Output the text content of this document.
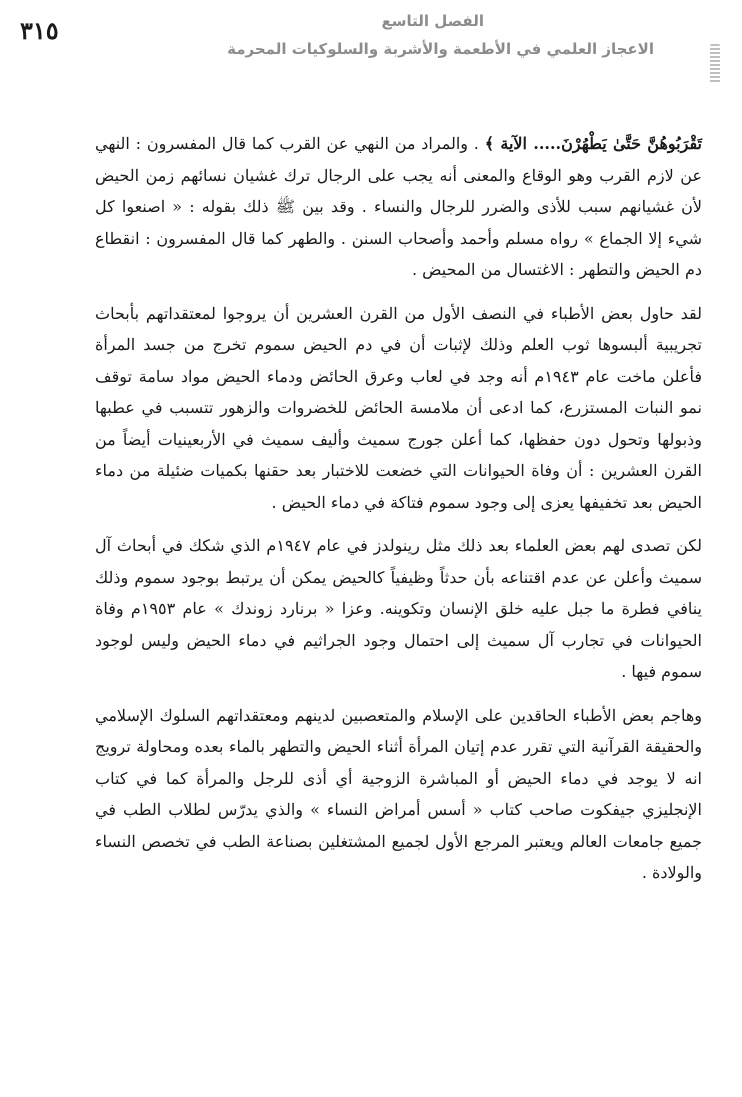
٣١٥	الفصل التاسع
الاعجاز العلمي في الأطعمة والأشربة والسلوكيات المحرمة

تَقْرَبُوهُنَّ حَتَّىٰ يَطْهُرْنَ..... الآية ﴾ . والمراد من النهي عن القرب كما قال المفسرون : النهي عن لازم القرب وهو الوقاع والمعنى أنه يجب على الرجال ترك غشيان نسائهم زمن الحيض لأن غشيانهم سبب للأذى والضرر للرجال والنساء . وقد بين ﷺ ذلك بقوله : « اصنعوا كل شيء إلا الجماع » رواه مسلم وأحمد وأصحاب السنن . والطهر كما قال المفسرون : انقطاع دم الحيض والتطهر : الاغتسال من المحيض .

لقد حاول بعض الأطباء في النصف الأول من القرن العشرين أن يروجوا لمعتقداتهم بأبحاث تجريبية ألبسوها ثوب العلم وذلك لإثبات أن في دم الحيض سموم تخرج من جسد المرأة فأعلن ماخت عام ١٩٤٣م أنه وجد في لعاب وعرق الحائض ودماء الحيض مواد سامة توقف نمو النبات المستزرع، كما ادعى أن ملامسة الحائض للخضروات والزهور تتسبب في عطبها وذبولها وتحول دون حفظها، كما أعلن جورج سميث وأليف سميث في الأربعينيات أيضاً من القرن العشرين : أن وفاة الحيوانات التي خضعت للاختبار بعد حقنها بكميات ضئيلة من دماء الحيض بعد تخفيفها يعزى إلى وجود سموم فتاكة في دماء الحيض .

لكن تصدى لهم بعض العلماء بعد ذلك مثل رينولدز في عام ١٩٤٧م الذي شكك في أبحاث آل سميث وأعلن عن عدم اقتناعه بأن حدثاً وظيفياً كالحيض يمكن أن يرتبط بوجود سموم وذلك ينافي فطرة ما جبل عليه خلق الإنسان وتكوينه. وعزا « برنارد زوندك » عام ١٩٥٣م وفاة الحيوانات في تجارب آل سميث إلى احتمال وجود الجراثيم في دماء الحيض وليس لوجود سموم فيها .

وهاجم بعض الأطباء الحاقدين على الإسلام والمتعصبين لدينهم ومعتقداتهم السلوك الإسلامي والحقيقة القرآنية التي تقرر عدم إتيان المرأة أثناء الحيض والتطهر بالماء بعده ومحاولة ترويج انه لا يوجد في دماء الحيض أو المباشرة الزوجية أي أذى للرجل والمرأة كما في كتاب الإنجليزي جيفكوت صاحب كتاب « أسس أمراض النساء » والذي يدرّس لطلاب الطب في جميع جامعات العالم ويعتبر المرجع الأول لجميع المشتغلين بصناعة الطب في تخصص النساء والولادة .
